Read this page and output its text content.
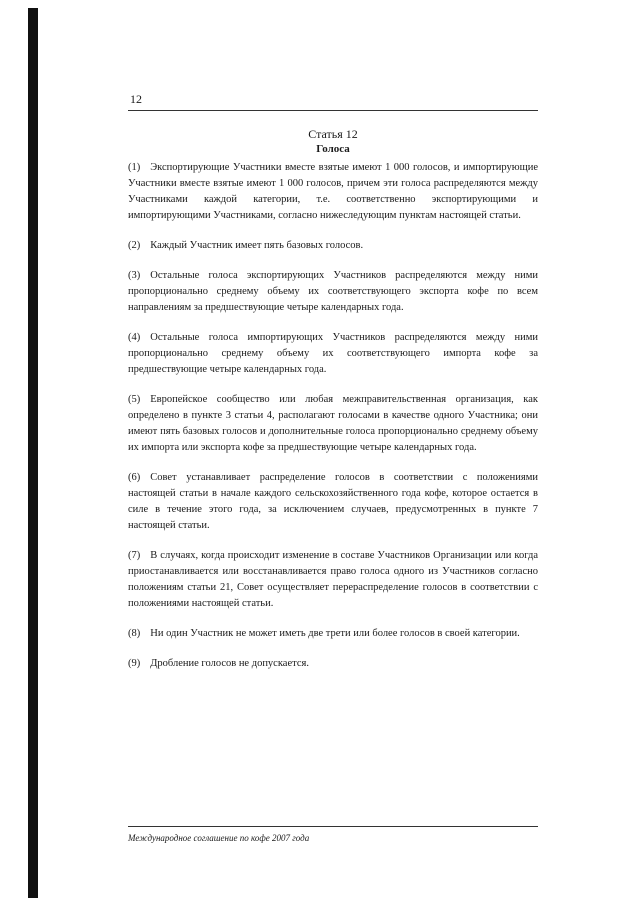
12
Статья 12
Голоса

(1) Экспортирующие Участники вместе взятые имеют 1 000 голосов, и импортирующие Участники вместе взятые имеют 1 000 голосов, причем эти голоса распределяются между Участниками каждой категории, т.е. соответственно экспортирующими и импортирующими Участниками, согласно нижеследующим пунктам настоящей статьи.

(2) Каждый Участник имеет пять базовых голосов.

(3) Остальные голоса экспортирующих Участников распределяются между ними пропорционально среднему объему их соответствующего экспорта кофе по всем направлениям за предшествующие четыре календарных года.

(4) Остальные голоса импортирующих Участников распределяются между ними пропорционально среднему объему их соответствующего импорта кофе за предшествующие четыре календарных года.

(5) Европейское сообщество или любая межправительственная организация, как определено в пункте 3 статьи 4, располагают голосами в качестве одного Участника; они имеют пять базовых голосов и дополнительные голоса пропорционально среднему объему их импорта или экспорта кофе за предшествующие четыре календарных года.

(6) Совет устанавливает распределение голосов в соответствии с положениями настоящей статьи в начале каждого сельскохозяйственного года кофе, которое остается в силе в течение этого года, за исключением случаев, предусмотренных в пункте 7 настоящей статьи.

(7) В случаях, когда происходит изменение в составе Участников Организации или когда приостанавливается или восстанавливается право голоса одного из Участников согласно положениям статьи 21, Совет осуществляет перераспределение голосов в соответствии с положениями настоящей статьи.

(8) Ни один Участник не может иметь две трети или более голосов в своей категории.

(9) Дробление голосов не допускается.

Международное соглашение по кофе 2007 года
